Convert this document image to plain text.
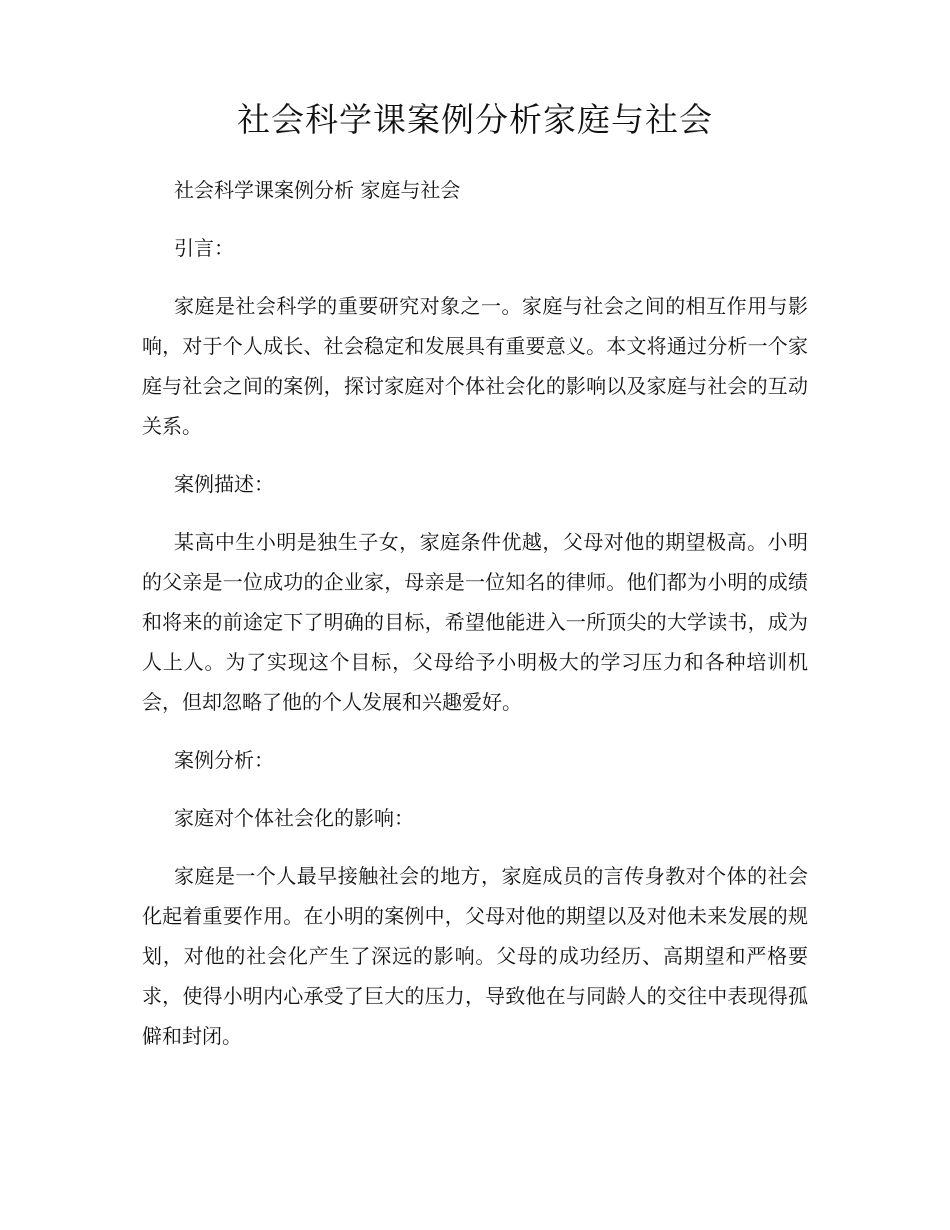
社会科学课案例分析家庭与社会

社会科学课案例分析 家庭与社会

引言：

家庭是社会科学的重要研究对象之一。家庭与社会之间的相互作用与影响，对于个人成长、社会稳定和发展具有重要意义。本文将通过分析一个家庭与社会之间的案例，探讨家庭对个体社会化的影响以及家庭与社会的互动关系。

案例描述：

某高中生小明是独生子女，家庭条件优越，父母对他的期望极高。小明的父亲是一位成功的企业家，母亲是一位知名的律师。他们都为小明的成绩和将来的前途定下了明确的目标，希望他能进入一所顶尖的大学读书，成为人上人。为了实现这个目标，父母给予小明极大的学习压力和各种培训机会，但却忽略了他的个人发展和兴趣爱好。

案例分析：

家庭对个体社会化的影响：

家庭是一个人最早接触社会的地方，家庭成员的言传身教对个体的社会化起着重要作用。在小明的案例中，父母对他的期望以及对他未来发展的规划，对他的社会化产生了深远的影响。父母的成功经历、高期望和严格要求，使得小明内心承受了巨大的压力，导致他在与同龄人的交往中表现得孤僻和封闭。
